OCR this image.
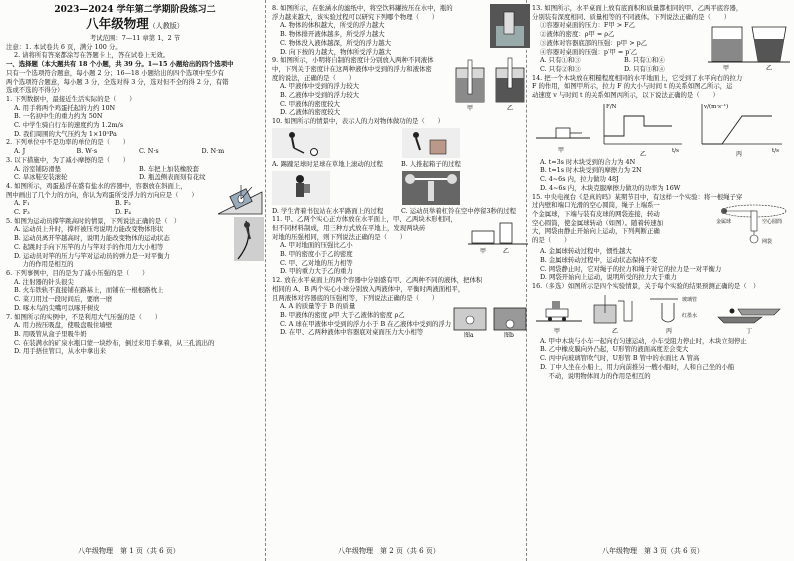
2023—2024 学年第二学期阶段练习二
八年级物理（人教版）
考试范围：7—11 章第 1、2 节
注意：1. 本试卷共 6 页，满分 100 分。
2. 请将所有答案都涂写在答题卡上，答在试卷上无效。
一、选择题（本大题共有 18 个小题，共 39 分。1—15 小题给出的四个选项中
只有一个选项符合题意，每小题 2 分；16—18 小题给出的四个选项中至少有
两个选项符合题意，每小题 3 分，全选对得 3 分，选对但不全的得 2 分，有错
选或不选的不得分）
1. 下列数据中，最接近生活实际的是（　　）
A. 用手将两个鸡蛋托起的力约 10N
B. 一名初中生的重力约为 50N
C. 中学生骑自行车的速度约为 1.2m/s
D. 我们周围的大气压约为 1×10⁵Pa
2. 下列单位中不是功率的单位的是（　　）
A. J	B. W·s	C. N·s	D. N·m
3. 以下措施中，为了减小摩擦的是（　　）
A. 浴室铺防滑垫	B. 车把上加装橡胶套
C. 旱冰鞋安装滚轮	D. 瓶盖侧表面刻有花纹
4. 如图所示，鸡蛋悬浮在盛有盐水的容器中，容器放在斜面上，
图中画出了几个力的方向，你认为鸡蛋所受浮力的方向应是（　　）
A. F₁	B. F₂
C. F₃	D. F₄
5. 如图为运动员撑竿跳高时的情景，下列说法正确的是（　）
A. 运动员上升时，撑杆被压弯说明力能改变物体形状
B. 运动员离开竿越高时，说明力能改变物体的运动状态
C. 起跳时手向下压竿的力与竿对手的作用力大小相等
D. 运动员对竿的压力与竿对运动员的弹力是一对平衡力
　 力的作用是相互的
6. 下列事例中，目的是为了减小压强的是（　　）
A. 注射器的针头很尖
B. 火车铁轨不直接铺在路基上，而铺在一根根路枕上
C. 菜刀用过一段时间后，要磨一磨
D. 啄木鸟的尖嘴可以啄开树皮
7. 如图所示的实例中，不是利用大气压强的是（　　）
A. 用力按压吸盘，使吸盘吸住墙壁
B. 用吸管从盒子里吸牛奶
C. 在装满水的矿泉水瓶口蒙一块纱布，倒过来用手拿着，从三孔流出的
D. 用手捂住管口，从水中拿出来
八年级物理　第 1 页（共 6 页）
8. 如图所示，在张涵水的滤纸中，将空饮料罐按压在水中，瓶的
浮力越来越大，该实验过程可以研究下列哪个物理（　　）
A. 物体的体积越大，所受的浮力越大
B. 物体排开液体越多，所受浮力越大
C. 物体没入液体越深，所受的浮力越大
D. 向下按的力越大，物体所受浮力越大
9. 如图所示，小明将自制的密度计分别放入两种不同液体
中，下列关于密度计在这两种液体中受到的浮力和液体密
度的说法，正确的是（　　）
A. 甲液体中受到的浮力较大
B. 乙液体中受到的浮力较大
C. 甲液体的密度较大
D. 乙液体的密度较大	甲	乙
10. 如图所示的情景中，表示人的力对物体做功的是（　　）
A. 踢踺足球时足球在草地上滚动的过程	B. 人推起箱子的过程
D. 学生背着书包站在水平路面上的过程	C. 运动员举着杠铃在空中停留3秒的过程
11. 甲、乙两个实心正方体放在水平面上，甲、乙两块木形相同，
但不同材料制成，用三种方式放在平地上，发现两块砖
对地的压强相同，则下列说法正确的是（　　）
A. 甲对地面的压强比乙小
B. 甲的密度小于乙的密度
C. 甲、乙对地的压力相等
D. 甲的重力大于乙的重力
甲	乙
12. 放在水平桌面上的两个容器中分别盛有甲、乙两种不同的液体，把体积
相同的 A、B 两个实心小球分别放入两液体中，平衡时两液面相平，
且两液体对容器底的压强相等，下列说法正确的是（　　）
A. A 的质量等于 B 的质量
B. 甲液体的密度 ρ甲 大于乙液体的密度 ρ乙
C. A 球在甲液体中受到的浮力小于 B 在乙液体中受到的浮力
D. 在甲、乙两种液体中容器底对桌面压力大小相等	图a	图b
八年级物理　第 2 页（共 6 页）
13. 如图所示，水平桌面上放有底面积和质量都相同的甲、乙两平底容器，
分别装有深度相同、质量相等的不同液体。下列说法正确的是（　　）
①容器对桌面的压力：F甲 > F乙
②液体的密度：ρ甲 = ρ乙
③液体对容器底部的压强：p甲 > p乙
④容器对桌面的压强：p′甲 = p′乙
A. 只有①和③	B. 只有①和④
C. 只有②和③	D. 只有③和④	甲	乙
14. 把一个木块放在粗糙程度相同的水平地面上，它受到了水平向右的拉力
F 的作用，如图甲所示，拉力 F 的大小与时间 t 的关系如图乙所示，运
动速度 v 与时间 t 的关系如图丙所示，以下说法正确的是（　　）
甲
F/N
t/s
乙
v/(m·s⁻¹)
t/s
丙
A. t=3s 时木块受到的合力为 4N
B. t=1s 时木块受到的摩擦力为 2N
C. 4~6s 内，拉力做功 48J
D. 4~6s 内，木块克服摩擦力做功的功率为 16W
15. 中央电视台《是真的吗》某期节目中，有这样一个实验：将一根绳子穿
过内壁和端口光滑的空心圆筒，绳子上端系一
个金属球，下端与装有皮球的网袋连接，转动
空心圆筒，使金属球转动（如图）。随着转速加
大，网袋由静止开始向上运动，下列判断正确
的是（　　）
金属球	空心圆筒
网袋
A. 金属球转动过程中，惯性越大
B. 金属球转动过程中，运动状态保持不变
C. 网袋静止时，它对绳子的拉力和绳子对它的拉力是一对平衡力
D. 网袋开始向上运动，说明所受的拉力大于重力
16.（多选）如图所示是四个实验情景，关于每个实验的结果预测正确的是（　）
甲	乙
玻璃管
红墨水
丙	丁
A. 甲中木块与小车一起向右匀速运动，小车受阻力停止时，木块立刻停止
B. 乙中橡皮膜向外凸起，U形管的液面高度差会变大
C. 丙中向玻璃管吹气时，U形管 B 管中的水面比 A 管高
D. 丁中人坐在小船上，用力向前推另一艘小船时，人和自己坐的小船
　 不动，说明物体间力的作用是相互的
八年级物理　第 3 页（共 6 页）
